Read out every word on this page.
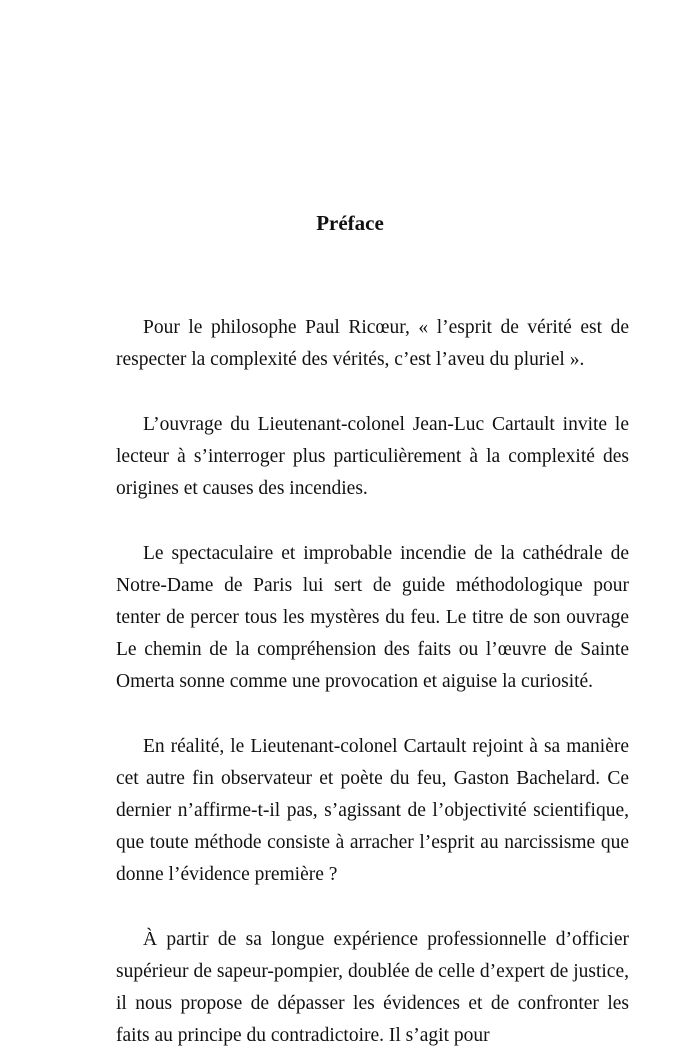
Préface

Pour le philosophe Paul Ricœur, « l’esprit de vérité est de respecter la complexité des vérités, c’est l’aveu du pluriel ».

L’ouvrage du Lieutenant-colonel Jean-Luc Cartault invite le lecteur à s’interroger plus particulièrement à la complexité des origines et causes des incendies.

Le spectaculaire et improbable incendie de la cathédrale de Notre-Dame de Paris lui sert de guide méthodologique pour tenter de percer tous les mystères du feu. Le titre de son ouvrage Le chemin de la compréhension des faits ou l’œuvre de Sainte Omerta sonne comme une provocation et aiguise la curiosité.

En réalité, le Lieutenant-colonel Cartault rejoint à sa manière cet autre fin observateur et poète du feu, Gaston Bachelard. Ce dernier n’affirme-t-il pas, s’agissant de l’objectivité scientifique, que toute méthode consiste à arracher l’esprit au narcissisme que donne l’évidence première ?

À partir de sa longue expérience professionnelle d’officier supérieur de sapeur-pompier, doublée de celle d’expert de justice, il nous propose de dépasser les évidences et de confronter les faits au principe du contradictoire. Il s’agit pour
